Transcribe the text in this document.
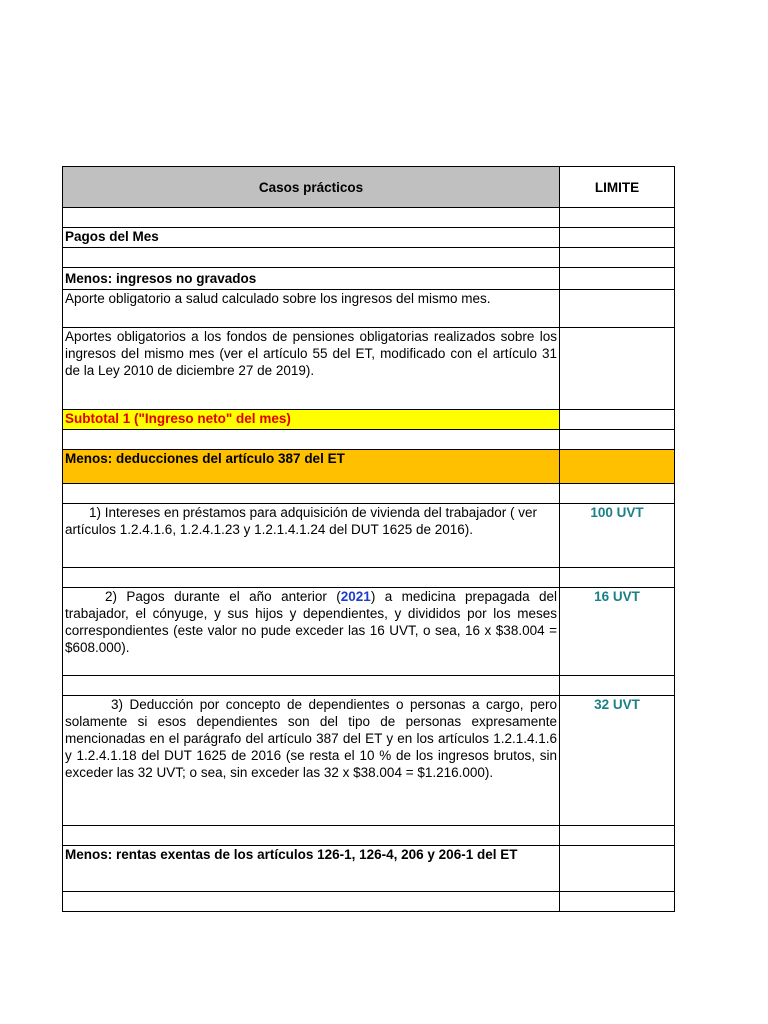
Casos prácticos	LIMITE

Pagos del Mes	

Menos: ingresos no gravados	
Aporte obligatorio a salud calculado sobre los ingresos del mismo mes.	
Aportes obligatorios a los fondos de pensiones obligatorias realizados sobre los ingresos del mismo mes (ver el artículo 55 del ET, modificado con el artículo 31 de la Ley 2010 de diciembre 27 de 2019).	
Subtotal 1 ("Ingreso neto" del mes)	

Menos: deducciones del artículo 387 del ET	

1) Intereses en préstamos para adquisición de vivienda del trabajador ( ver artículos 1.2.4.1.6, 1.2.4.1.23 y 1.2.1.4.1.24 del DUT 1625 de 2016).	100 UVT

2) Pagos durante el año anterior (2021) a medicina prepagada del trabajador, el cónyuge, y sus hijos y dependientes, y divididos por los meses correspondientes (este valor no pude exceder las 16 UVT, o sea, 16 x $38.004 = $608.000).	16 UVT

3) Deducción por concepto de dependientes o personas a cargo, pero solamente si esos dependientes son del tipo de personas expresamente mencionadas en el parágrafo del artículo 387 del ET y en los artículos 1.2.1.4.1.6 y 1.2.4.1.18 del DUT 1625 de 2016 (se resta el 10 % de los ingresos brutos, sin exceder las 32 UVT; o sea, sin exceder las 32 x $38.004 = $1.216.000).	32 UVT

Menos: rentas exentas de los artículos 126-1, 126-4, 206 y 206-1 del ET	
